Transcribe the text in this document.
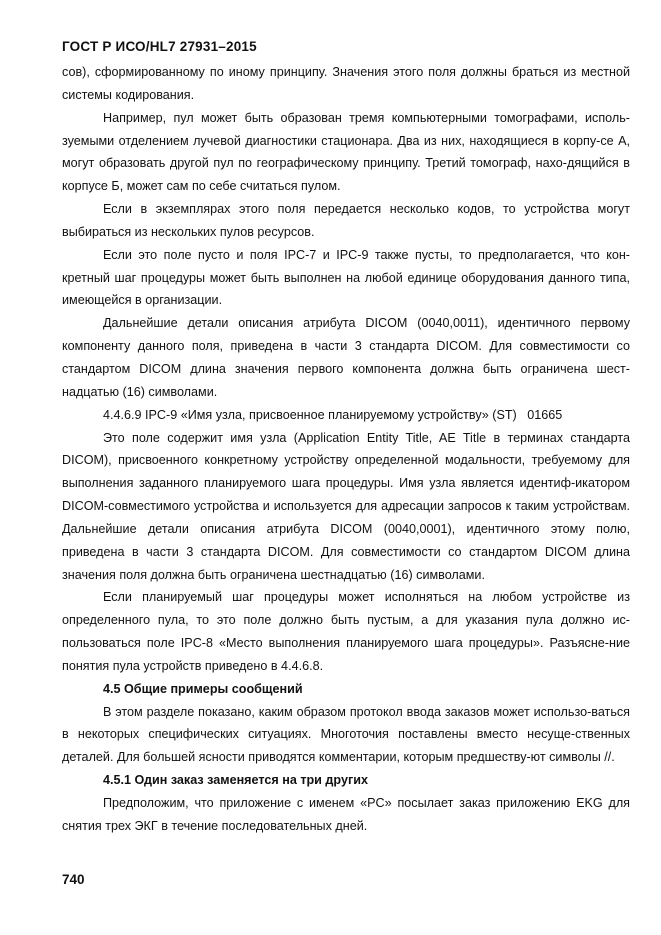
ГОСТ Р ИСО/HL7 27931–2015

сов), сформированному по иному принципу. Значения этого поля должны браться из местной системы кодирования.

Например, пул может быть образован тремя компьютерными томографами, исполь-зуемыми отделением лучевой диагностики стационара. Два из них, находящиеся в корпу-се А, могут образовать другой пул по географическому принципу. Третий томограф, нахо-дящийся в корпусе Б, может сам по себе считаться пулом.

Если в экземплярах этого поля передается несколько кодов, то устройства могут выбираться из нескольких пулов ресурсов.

Если это поле пусто и поля IPC-7 и IPC-9 также пусты, то предполагается, что кон-кретный шаг процедуры может быть выполнен на любой единице оборудования данного типа, имеющейся в организации.

Дальнейшие детали описания атрибута DICOM (0040,0011), идентичного первому компоненту данного поля, приведена в части 3 стандарта DICOM. Для совместимости со стандартом DICOM длина значения первого компонента должна быть ограничена шест-надцатью (16) символами.

4.4.6.9 IPC-9 «Имя узла, присвоенное планируемому устройству» (ST)   01665

Это поле содержит имя узла (Application Entity Title, AE Title в терминах стандарта DICOM), присвоенного конкретному устройству определенной модальности, требуемому для выполнения заданного планируемого шага процедуры. Имя узла является идентиф-икатором DICOM-совместимого устройства и используется для адресации запросов к таким устройствам. Дальнейшие детали описания атрибута DICOM (0040,0001), идентичного этому полю, приведена в части 3 стандарта DICOM. Для совместимости со стандартом DICOM длина значения поля должна быть ограничена шестнадцатью (16) символами.

Если планируемый шаг процедуры может исполняться на любом устройстве из определенного пула, то это поле должно быть пустым, а для указания пула должно ис-пользоваться поле IPC-8 «Место выполнения планируемого шага процедуры». Разъясне-ние понятия пула устройств приведено в 4.4.6.8.

4.5 Общие примеры сообщений

В этом разделе показано, каким образом протокол ввода заказов может использо-ваться в некоторых специфических ситуациях. Многоточия поставлены вместо несуще-ственных деталей. Для большей ясности приводятся комментарии, которым предшеству-ют символы //.

4.5.1 Один заказ заменяется на три других

Предположим, что приложение с именем «PC» посылает заказ приложению EKG для снятия трех ЭКГ в течение последовательных дней.

740
